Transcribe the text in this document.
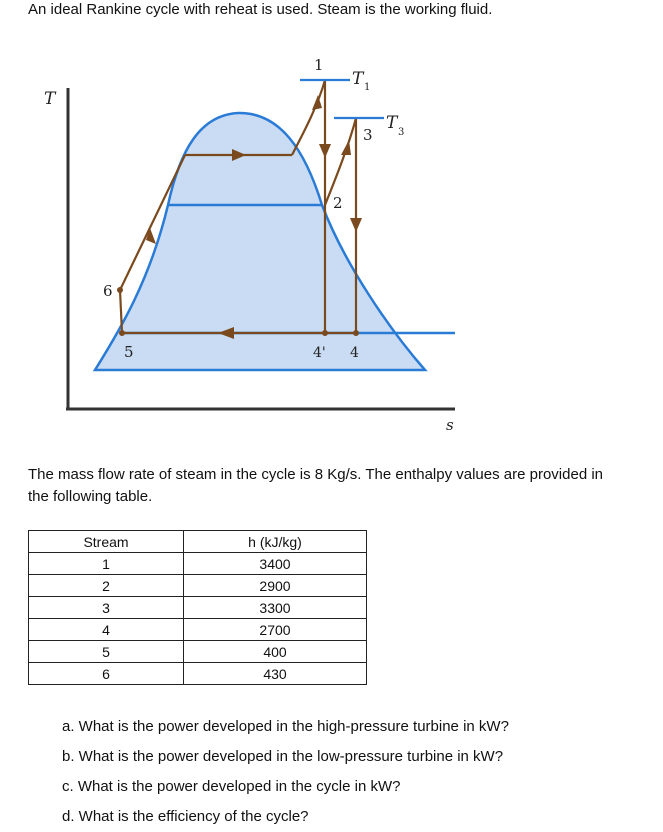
An ideal Rankine cycle with reheat is used. Steam is the working fluid.
T
s
1
2
3
4' 4
5
6
T 1
T 3
The mass flow rate of steam in the cycle is 8 Kg/s. The enthalpy values are provided in the following table.
Stream	h (kJ/kg)
1	3400
2	2900
3	3300
4	2700
5	400
6	430
a. What is the power developed in the high-pressure turbine in kW?
b. What is the power developed in the low-pressure turbine in kW?
c. What is the power developed in the cycle in kW?
d. What is the efficiency of the cycle?
